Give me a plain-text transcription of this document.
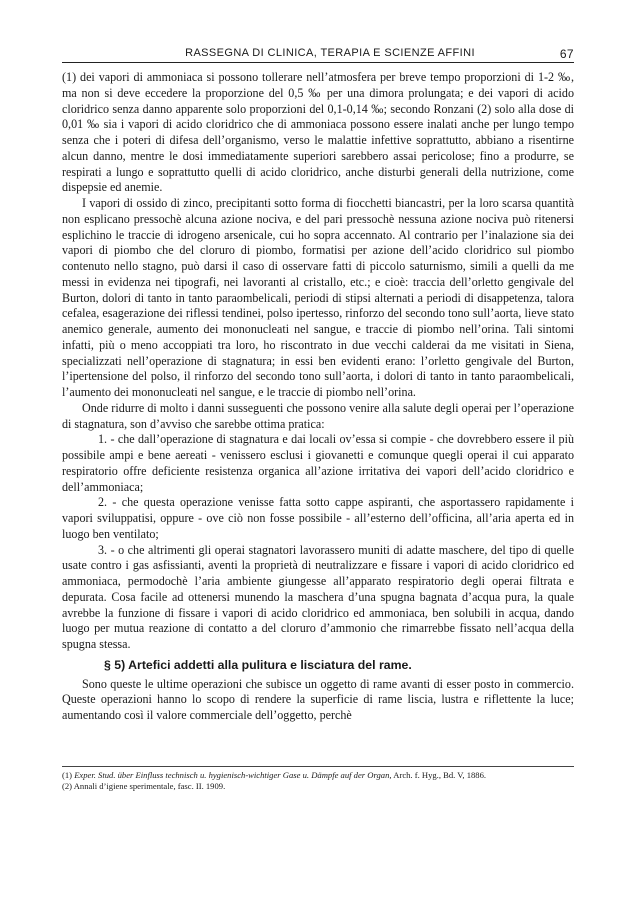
RASSEGNA DI CLINICA, TERAPIA E SCIENZE AFFINI	67

(1) dei vapori di ammoniaca si possono tollerare nell’atmosfera per breve tempo proporzioni di 1-2 ‰, ma non si deve eccedere la proporzione del 0,5 ‰ per una dimora prolungata; e dei vapori di acido cloridrico senza danno apparente solo proporzioni del 0,1-0,14 ‰; secondo Ronzani (2) solo alla dose di 0,01 ‰ sia i vapori di acido cloridrico che di ammoniaca possono essere inalati anche per lungo tempo senza che i poteri di difesa dell’organismo, verso le malattie infettive soprattutto, abbiano a risentirne alcun danno, mentre le dosi immediatamente superiori sarebbero assai pericolose; fino a produrre, se respirati a lungo e soprattutto quelli di acido cloridrico, anche disturbi generali della nutrizione, come dispepsie ed anemie.

I vapori di ossido di zinco, precipitanti sotto forma di fiocchetti biancastri, per la loro scarsa quantità non esplicano pressochè alcuna azione nociva, e del pari pressochè nessuna azione nociva può ritenersi esplichino le traccie di idrogeno arsenicale, cui ho sopra accennato. Al contrario per l’inalazione sia dei vapori di piombo che del cloruro di piombo, formatisi per azione dell’acido cloridrico sul piombo contenuto nello stagno, può darsi il caso di osservare fatti di piccolo saturnismo, simili a quelli da me messi in evidenza nei tipografi, nei lavoranti al cristallo, etc.; e cioè: traccia dell’orletto gengivale del Burton, dolori di tanto in tanto paraombelicali, periodi di stipsi alternati a periodi di disappetenza, talora cefalea, esagerazione dei riflessi tendinei, polso ipertesso, rinforzo del secondo tono sull’aorta, lieve stato anemico generale, aumento dei mononucleati nel sangue, e traccie di piombo nell’orina. Tali sintomi infatti, più o meno accoppiati tra loro, ho riscontrato in due vecchi calderai da me visitati in Siena, specializzati nell’operazione di stagnatura; in essi ben evidenti erano: l’orletto gengivale del Burton, l’ipertensione del polso, il rinforzo del secondo tono sull’aorta, i dolori di tanto in tanto paraombelicali, l’aumento dei mononucleati nel sangue, e le traccie di piombo nell’orina.

Onde ridurre di molto i danni susseguenti che possono venire alla salute degli operai per l’operazione di stagnatura, son d’avviso che sarebbe ottima pratica:

1. - che dall’operazione di stagnatura e dai locali ov’essa si compie - che dovrebbero essere il più possibile ampi e bene aereati - venissero esclusi i giovanetti e comunque quegli operai il cui apparato respiratorio offre deficiente resistenza organica all’azione irritativa dei vapori dell’acido cloridrico e dell’ammoniaca;

2. - che questa operazione venisse fatta sotto cappe aspiranti, che asportassero rapidamente i vapori sviluppatisi, oppure - ove ciò non fosse possibile - all’esterno dell’officina, all’aria aperta ed in luogo ben ventilato;

3. - o che altrimenti gli operai stagnatori lavorassero muniti di adatte maschere, del tipo di quelle usate contro i gas asfissianti, aventi la proprietà di neutralizzare e fissare i vapori di acido cloridrico ed ammoniaca, permodochè l’aria ambiente giungesse all’apparato respiratorio degli operai filtrata e depurata. Cosa facile ad ottenersi munendo la maschera d’una spugna bagnata d’acqua pura, la quale avrebbe la funzione di fissare i vapori di acido cloridrico ed ammoniaca, ben solubili in acqua, dando luogo per mutua reazione di contatto a del cloruro d’ammonio che rimarrebbe fissato nell’acqua della spugna stessa.

§ 5) Artefici addetti alla pulitura e lisciatura del rame.

Sono queste le ultime operazioni che subisce un oggetto di rame avanti di esser posto in commercio. Queste operazioni hanno lo scopo di rendere la superficie di rame liscia, lustra e riflettente la luce; aumentando così il valore commerciale dell’oggetto, perchè

(1) Exper. Stud. über Einfluss technisch u. hygienisch-wichtiger Gase u. Dämpfe auf der Organ, Arch. f. Hyg., Bd. V, 1886.
(2) Annali d’igiene sperimentale, fasc. II. 1909.
